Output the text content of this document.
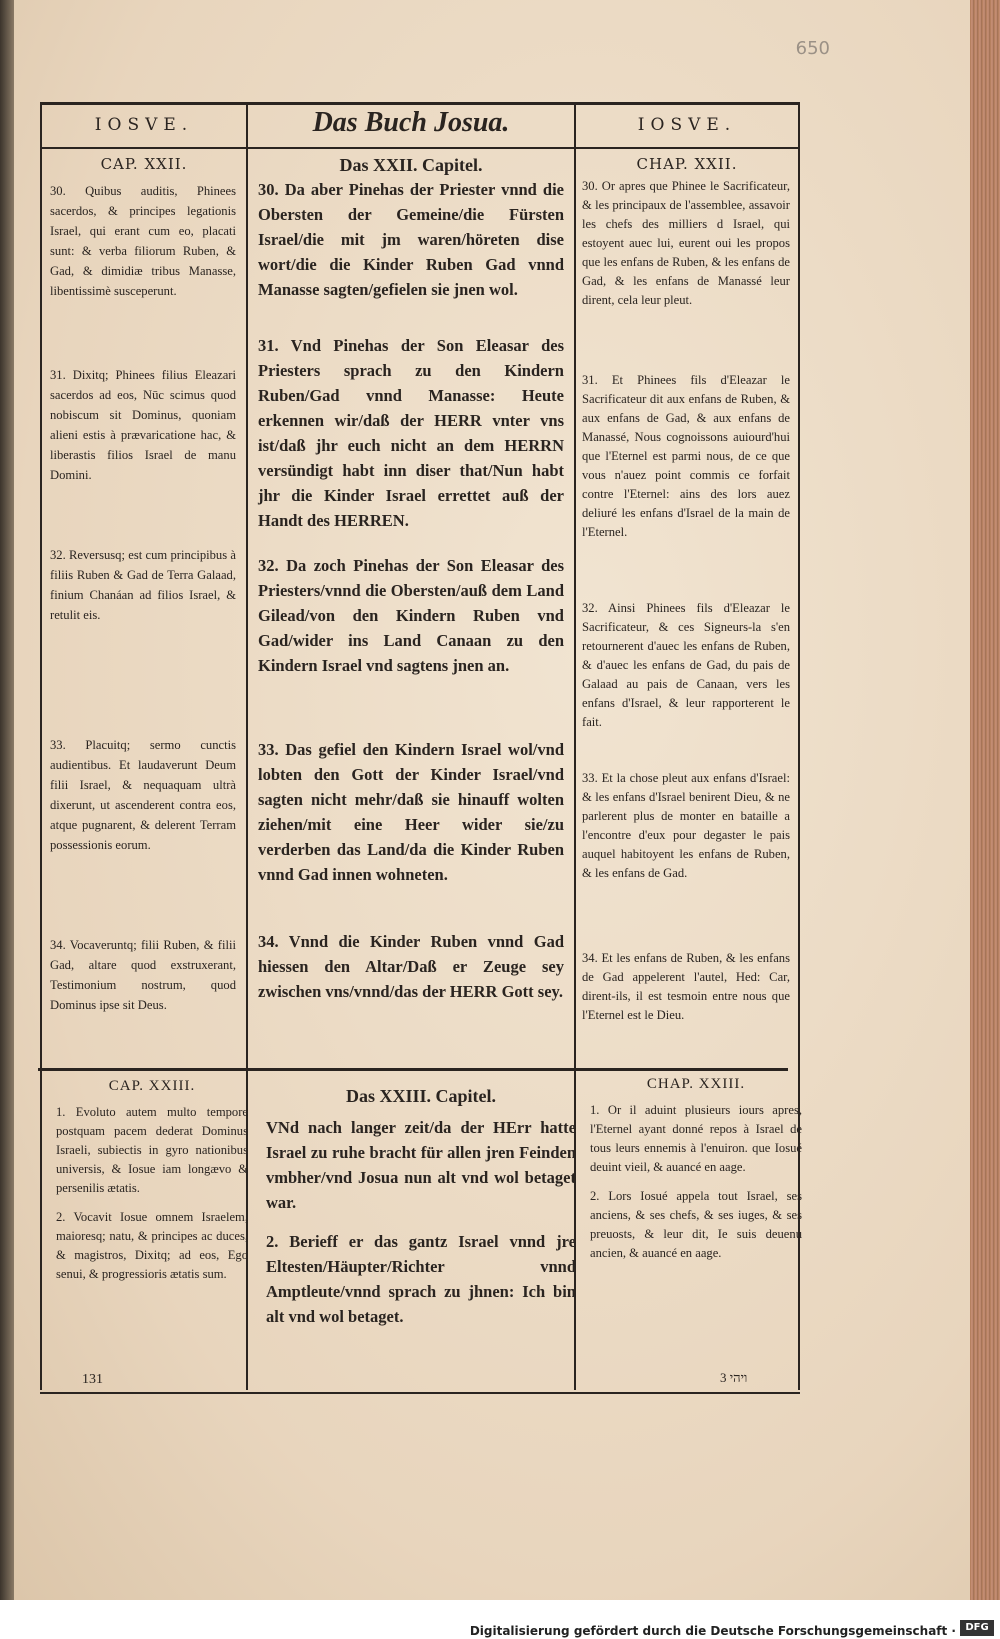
650
IOSVE.
CAP. XXII.

30. Quibus auditis, Phinees sacerdos, & principes legationis Israel, qui erant cum eo, placati sunt: & verba filiorum Ruben, & Gad, & dimidiæ tribus Manasse, libentissimè susceperunt.

31. Dixitq; Phinees filius Eleazari sacerdos ad eos, Nūc scimus quod nobiscum sit Dominus, quoniam alieni estis à prævaricatione hac, & liberastis filios Israel de manu Domini.

32. Reversusq; est cum principibus à filiis Ruben & Gad de Terra Galaad, finium Chanáan ad filios Israel, & retulit eis.

33. Placuitq; sermo cunctis audientibus. Et laudaverunt Deum filii Israel, & nequaquam ultrà dixerunt, ut ascenderent contra eos, atque pugnarent, & delerent Terram possessionis eorum.

34. Vocaveruntq; filii Ruben, & filii Gad, altare quod exstruxerant, Testimonium nostrum, quod Dominus ipse sit Deus.

Das Buch Josua.
Das XXII. Capitel.

30. Da aber Pinehas der Priester vnnd die Obersten der Gemeine/die Fürsten Israel/die mit jm waren/höreten dise wort/die die Kinder Ruben Gad vnnd Manasse sagten/gefielen sie jnen wol.

31. Vnd Pinehas der Son Eleasar des Priesters sprach zu den Kindern Ruben/Gad vnnd Manasse: Heute erkennen wir/daß der HERR vnter vns ist/daß jhr euch nicht an dem HERRN versündigt habt inn diser that/Nun habt jhr die Kinder Israel errettet auß der Handt des HERREN.

32. Da zoch Pinehas der Son Eleasar des Priesters/vnnd die Obersten/auß dem Land Gilead/von den Kindern Ruben vnd Gad/wider ins Land Canaan zu den Kindern Israel vnd sagtens jnen an.

33. Das gefiel den Kindern Israel wol/vnd lobten den Gott der Kinder Israel/vnd sagten nicht mehr/daß sie hinauff wolten ziehen/mit eine Heer wider sie/zu verderben das Land/da die Kinder Ruben vnnd Gad innen wohneten.

34. Vnnd die Kinder Ruben vnnd Gad hiessen den Altar/Daß er Zeuge sey zwischen vns/vnnd/das der HERR Gott sey.

IOSVE.
CHAP. XXII.

30. Or apres que Phinee le Sacrificateur, & les principaux de l'assemblee, assavoir les chefs des milliers d Israel, qui estoyent auec lui, eurent oui les propos que les enfans de Ruben, & les enfans de Gad, & les enfans de Manassé leur dirent, cela leur pleut.

31. Et Phinees fils d'Eleazar le Sacrificateur dit aux enfans de Ruben, & aux enfans de Gad, & aux enfans de Manassé, Nous cognoissons auiourd'hui que l'Eternel est parmi nous, de ce que vous n'auez point commis ce forfait contre l'Eternel: ains des lors auez deliuré les enfans d'Israel de la main de l'Eternel.

32. Ainsi Phinees fils d'Eleazar le Sacrificateur, & ces Signeurs-la s'en retournerent d'auec les enfans de Ruben, & d'auec les enfans de Gad, du pais de Galaad au pais de Canaan, vers les enfans d'Israel, & leur rapporterent le fait.

33. Et la chose pleut aux enfans d'Israel: & les enfans d'Israel benirent Dieu, & ne parlerent plus de monter en bataille a l'encontre d'eux pour degaster le pais auquel habitoyent les enfans de Ruben, & les enfans de Gad.

34. Et les enfans de Ruben, & les enfans de Gad appelerent l'autel, Hed: Car, dirent-ils, il est tesmoin entre nous que l'Eternel est le Dieu.

CAP. XXIII.

1. Evoluto autem multo tempore postquam pacem dederat Dominus Israeli, subiectis in gyro nationibus universis, & Iosue iam longævo & persenilis ætatis.

2. Vocavit Iosue omnem Israelem, maioresq; natu, & principes ac duces, & magistros, Dixitq; ad eos, Ego senui, & progressioris ætatis sum.

Das XXIII. Capitel.

VNd nach langer zeit/da der HErr hatte Israel zu ruhe bracht für allen jren Feinden vmbher/vnd Josua nun alt vnd wol betaget war.

2. Berieff er das gantz Israel vnnd jre Eltesten/Häupter/Richter vnnd Amptleute/vnnd sprach zu jhnen: Ich bin alt vnd wol betaget.

CHAP. XXIII.

1. Or il aduint plusieurs iours apres, l'Eternel ayant donné repos à Israel de tous leurs ennemis à l'enuiron. que Iosué deuint vieil, & auancé en aage.

2. Lors Iosué appela tout Israel, ses anciens, & ses chefs, & ses iuges, & ses preuosts, & leur dit, Ie suis deuenu ancien, & auancé en aage.

131	ויהי 3
Digitalisierung gefördert durch die Deutsche Forschungsgemeinschaft · DFG
